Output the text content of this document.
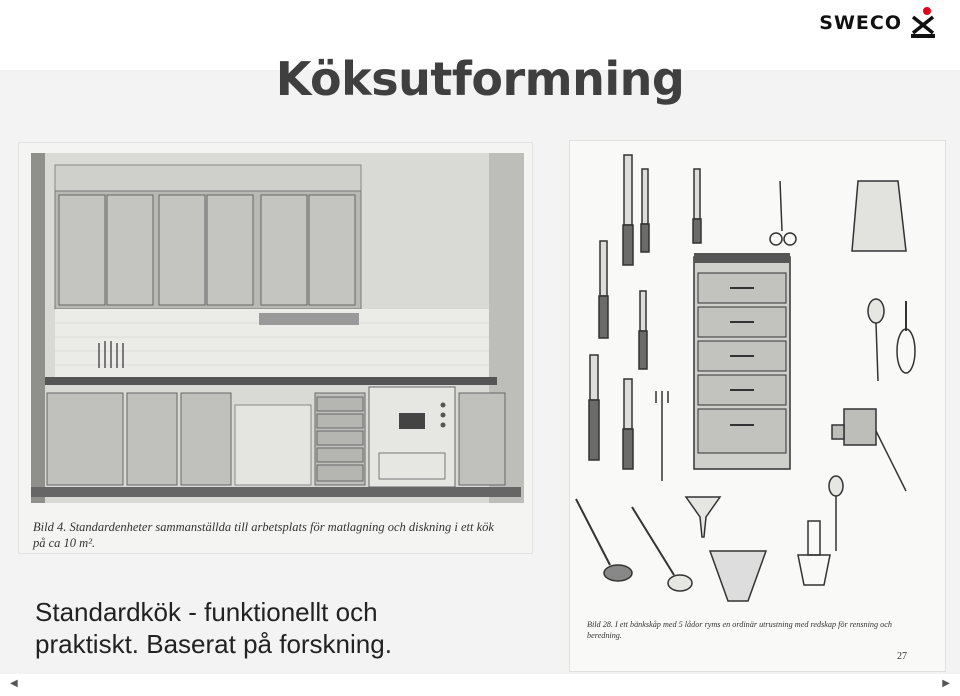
SWECO
Köksutformning
Bild 4. Standardenheter sammanställda till arbetsplats för matlagning och diskning i ett kök
på ca 10 m².
Bild 28. I ett bänkskåp med 5 lådor ryms en ordinär utrustning med redskap för rensning och
beredning.
27
Standardkök - funktionellt och
praktiskt. Baserat på forskning.
◀	▶
